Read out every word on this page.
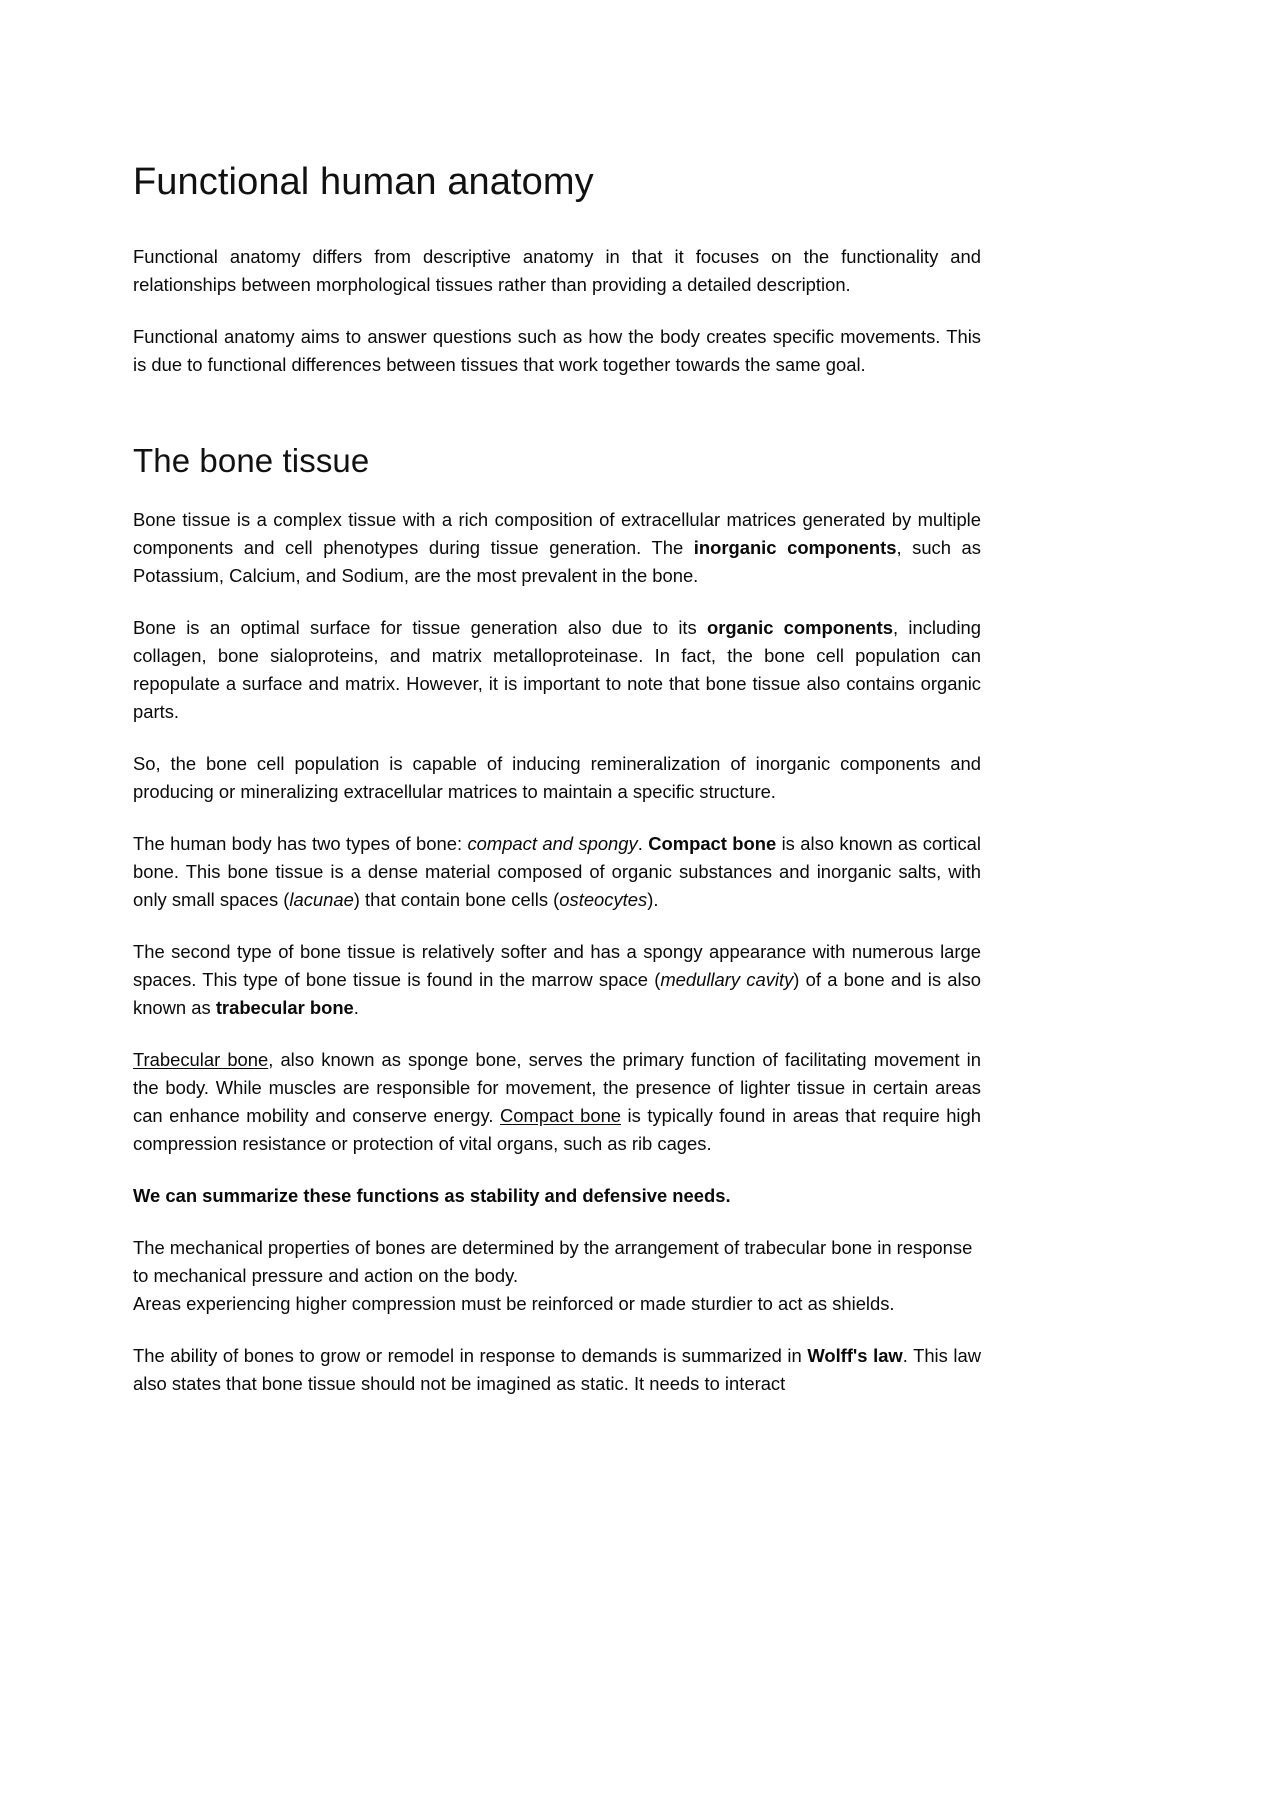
Functional human anatomy

Functional anatomy differs from descriptive anatomy in that it focuses on the functionality and relationships between morphological tissues rather than providing a detailed description.

Functional anatomy aims to answer questions such as how the body creates specific movements. This is due to functional differences between tissues that work together towards the same goal.

The bone tissue

Bone tissue is a complex tissue with a rich composition of extracellular matrices generated by multiple components and cell phenotypes during tissue generation. The inorganic components, such as Potassium, Calcium, and Sodium, are the most prevalent in the bone.

Bone is an optimal surface for tissue generation also due to its organic components, including collagen, bone sialoproteins, and matrix metalloproteinase. In fact, the bone cell population can repopulate a surface and matrix. However, it is important to note that bone tissue also contains organic parts.

So, the bone cell population is capable of inducing remineralization of inorganic components and producing or mineralizing extracellular matrices to maintain a specific structure.

The human body has two types of bone: compact and spongy. Compact bone is also known as cortical bone. This bone tissue is a dense material composed of organic substances and inorganic salts, with only small spaces (lacunae) that contain bone cells (osteocytes).

The second type of bone tissue is relatively softer and has a spongy appearance with numerous large spaces. This type of bone tissue is found in the marrow space (medullary cavity) of a bone and is also known as trabecular bone.

Trabecular bone, also known as sponge bone, serves the primary function of facilitating movement in the body. While muscles are responsible for movement, the presence of lighter tissue in certain areas can enhance mobility and conserve energy. Compact bone is typically found in areas that require high compression resistance or protection of vital organs, such as rib cages.

We can summarize these functions as stability and defensive needs.

The mechanical properties of bones are determined by the arrangement of trabecular bone in response to mechanical pressure and action on the body.

Areas experiencing higher compression must be reinforced or made sturdier to act as shields.

The ability of bones to grow or remodel in response to demands is summarized in Wolff's law. This law also states that bone tissue should not be imagined as static. It needs to interact
